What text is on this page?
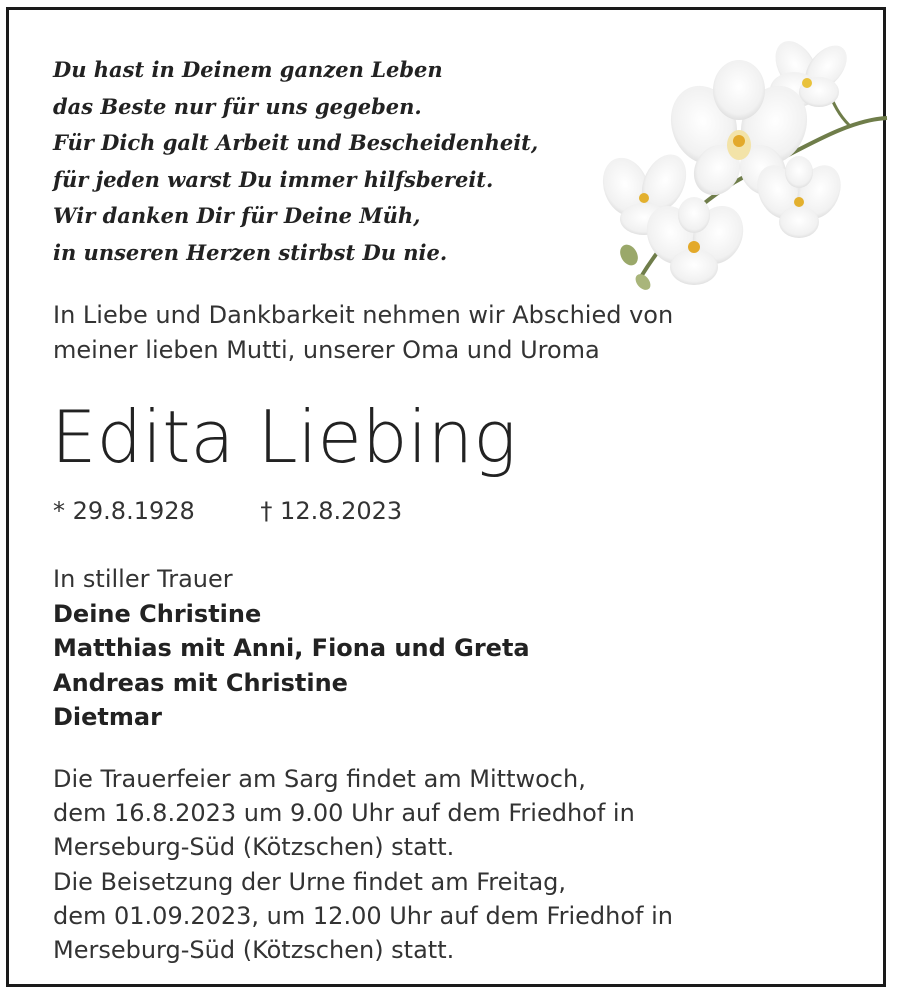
Du hast in Deinem ganzen Leben
das Beste nur für uns gegeben.
Für Dich galt Arbeit und Bescheidenheit,
für jeden warst Du immer hilfsbereit.
Wir danken Dir für Deine Müh,
in unseren Herzen stirbst Du nie.
In Liebe und Dankbarkeit nehmen wir Abschied von
meiner lieben Mutti, unserer Oma und Uroma
Edita Liebing
* 29.8.1928	† 12.8.2023
In stiller Trauer
Deine Christine
Matthias mit Anni, Fiona und Greta
Andreas mit Christine
Dietmar
Die Trauerfeier am Sarg findet am Mittwoch,
dem 16.8.2023 um 9.00 Uhr auf dem Friedhof in
Merseburg-Süd (Kötzschen) statt.
Die Beisetzung der Urne findet am Freitag,
dem 01.09.2023, um 12.00 Uhr auf dem Friedhof in
Merseburg-Süd (Kötzschen) statt.
